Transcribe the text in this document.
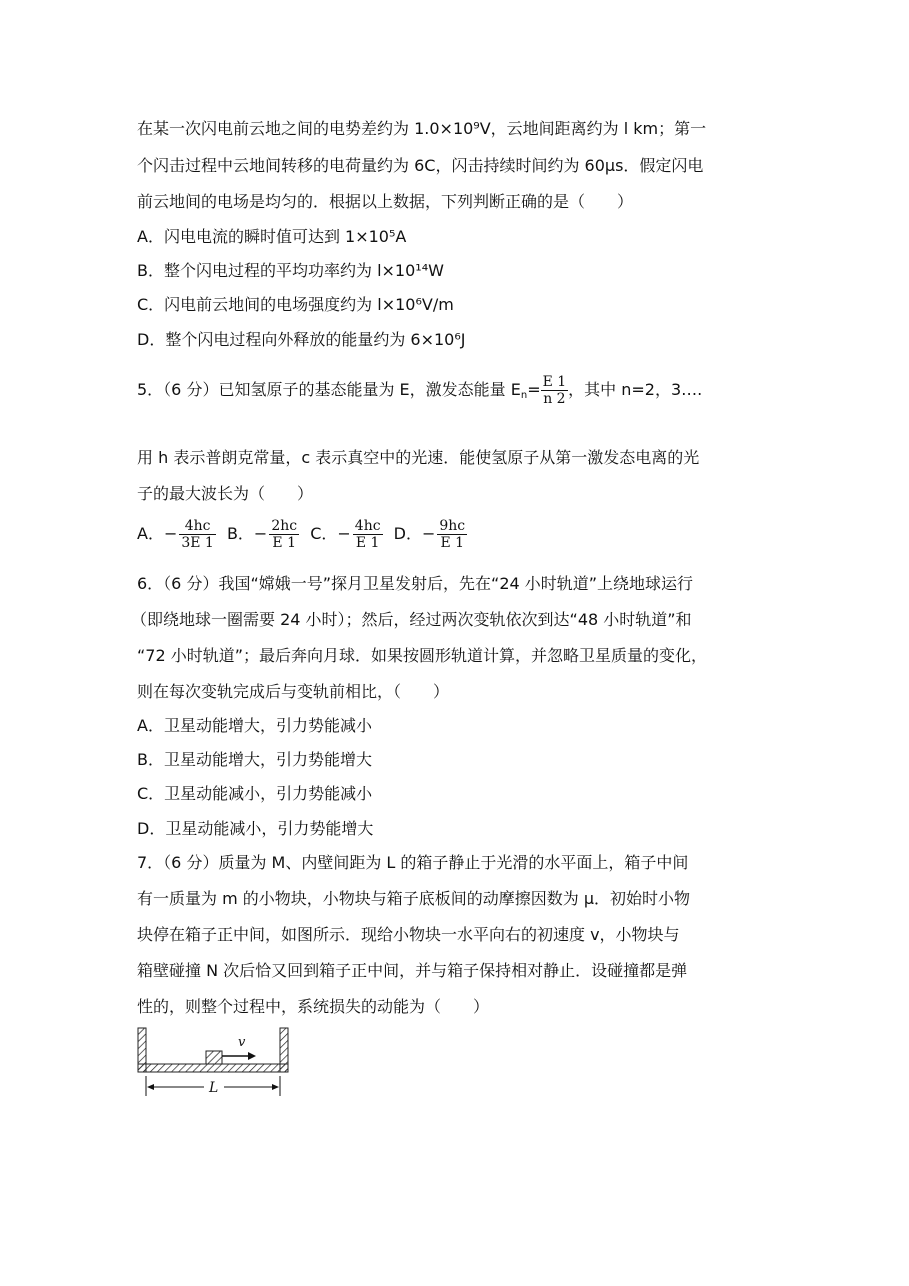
在某一次闪电前云地之间的电势差约为 1.0×10⁹V，云地间距离约为 l km；第一
个闪击过程中云地间转移的电荷量约为 6C，闪击持续时间约为 60μs．假定闪电
前云地间的电场是均匀的．根据以上数据，下列判断正确的是（　　）
A．闪电电流的瞬时值可达到 1×10⁵A
B．整个闪电过程的平均功率约为 l×10¹⁴W
C．闪电前云地间的电场强度约为 l×10⁶V/m
D．整个闪电过程向外释放的能量约为 6×10⁶J
5．（6 分）已知氢原子的基态能量为 E，激发态能量 $E_n= \frac{E 1}{n 2}$ ，其中 n=2，3….
用 h 表示普朗克常量，c 表示真空中的光速．能使氢原子从第一激发态电离的光
子的最大波长为（　　）
A．− $\frac{4hc}{3E 1}$ B．− $\frac{2hc}{E 1}$ C．− $\frac{4hc}{E 1}$ D．− $\frac{9hc}{E 1}$
6．（6 分）我国“嫦娥一号”探月卫星发射后，先在“24 小时轨道”上绕地球运行
（即绕地球一圈需要 24 小时）；然后，经过两次变轨依次到达“48 小时轨道”和
“72 小时轨道”；最后奔向月球．如果按圆形轨道计算，并忽略卫星质量的变化，
则在每次变轨完成后与变轨前相比，（　　）
A．卫星动能增大，引力势能减小
B．卫星动能增大，引力势能增大
C．卫星动能减小，引力势能减小
D．卫星动能减小，引力势能增大
7．（6 分）质量为 M、内壁间距为 L 的箱子静止于光滑的水平面上，箱子中间
有一质量为 m 的小物块，小物块与箱子底板间的动摩擦因数为 μ．初始时小物
块停在箱子正中间，如图所示．现给小物块一水平向右的初速度 v，小物块与
箱壁碰撞 N 次后恰又回到箱子正中间，并与箱子保持相对静止．设碰撞都是弹
性的，则整个过程中，系统损失的动能为（　　）
v
L
